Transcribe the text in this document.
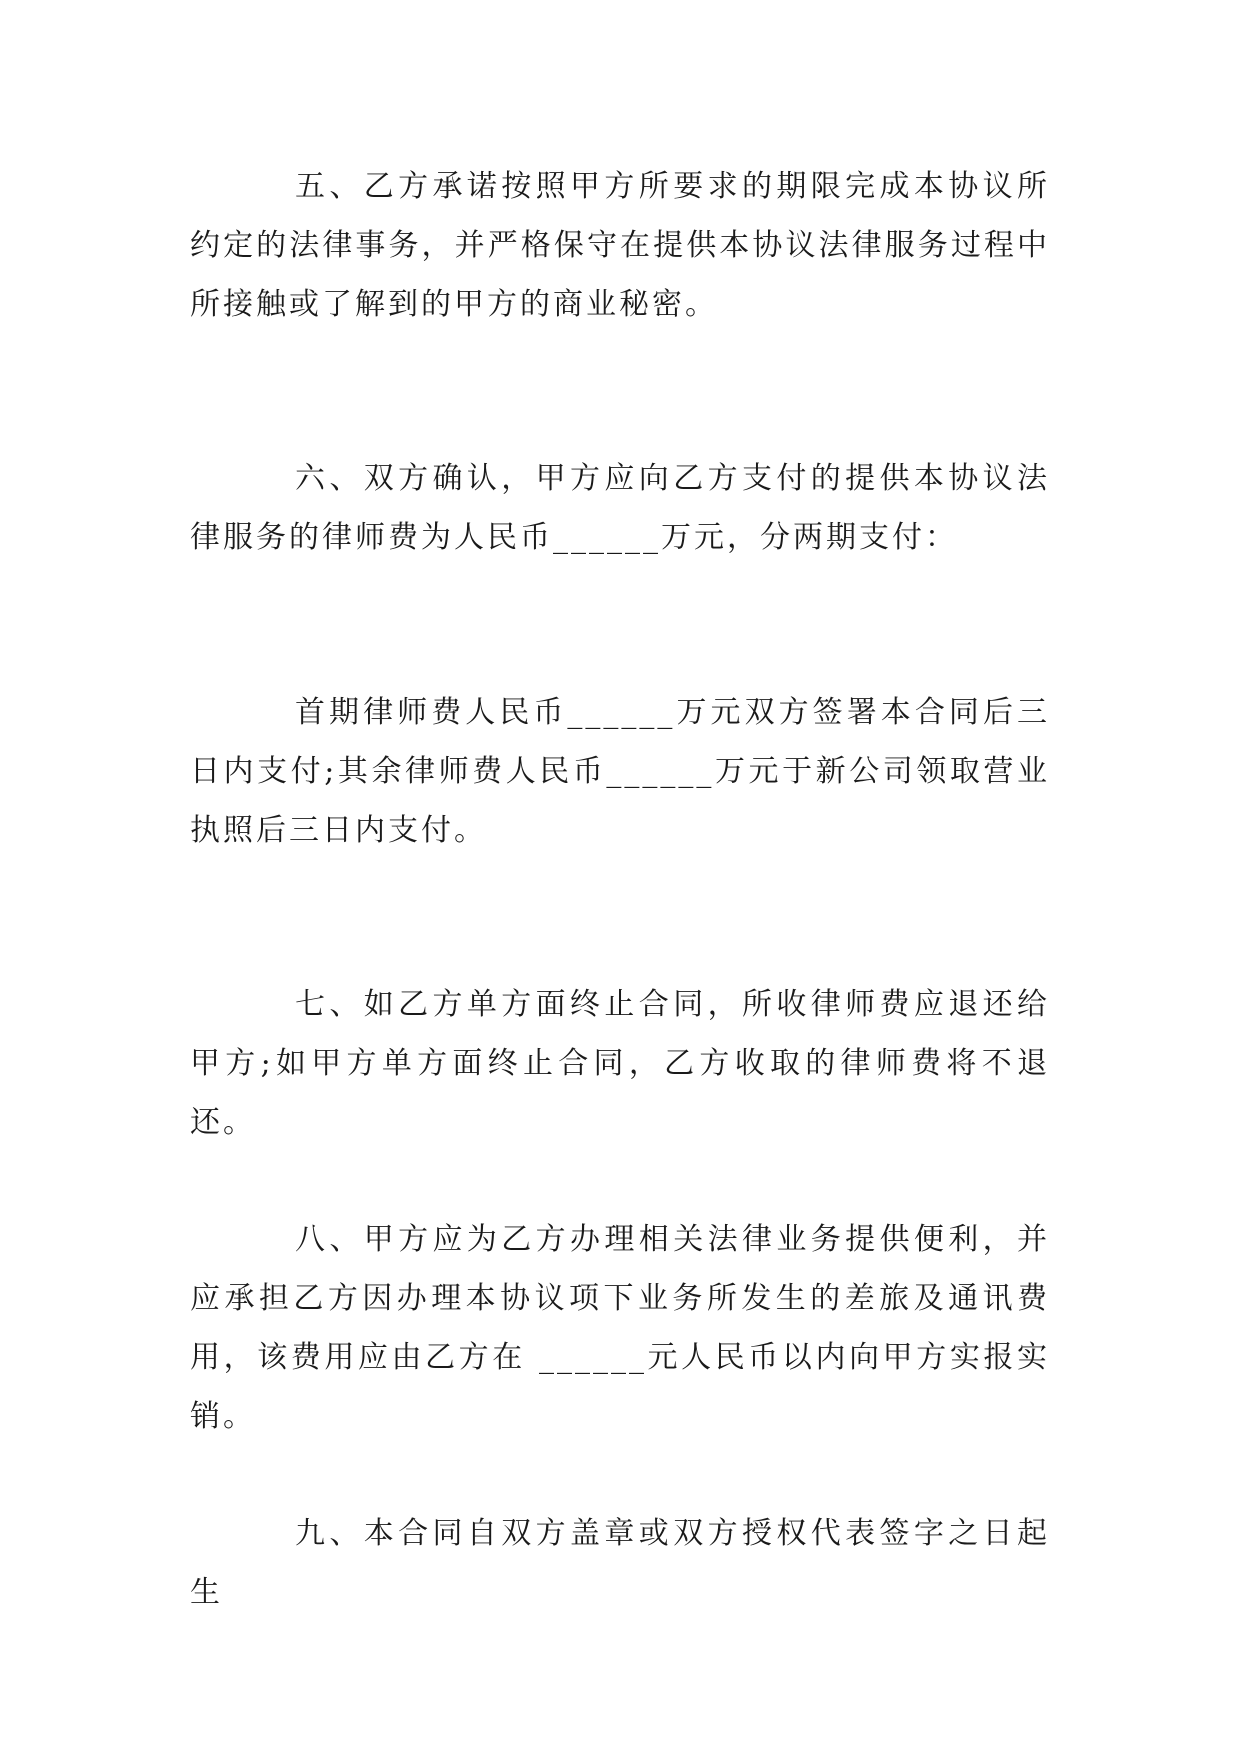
五、乙方承诺按照甲方所要求的期限完成本协议所约定的法律事务，并严格保守在提供本协议法律服务过程中所接触或了解到的甲方的商业秘密。

六、双方确认，甲方应向乙方支付的提供本协议法律服务的律师费为人民币______万元，分两期支付：

首期律师费人民币______万元双方签署本合同后三日内支付;其余律师费人民币______万元于新公司领取营业执照后三日内支付。

七、如乙方单方面终止合同，所收律师费应退还给甲方;如甲方单方面终止合同，乙方收取的律师费将不退还。

八、甲方应为乙方办理相关法律业务提供便利，并应承担乙方因办理本协议项下业务所发生的差旅及通讯费用，该费用应由乙方在 ______元人民币以内向甲方实报实销。

九、本合同自双方盖章或双方授权代表签字之日起生
